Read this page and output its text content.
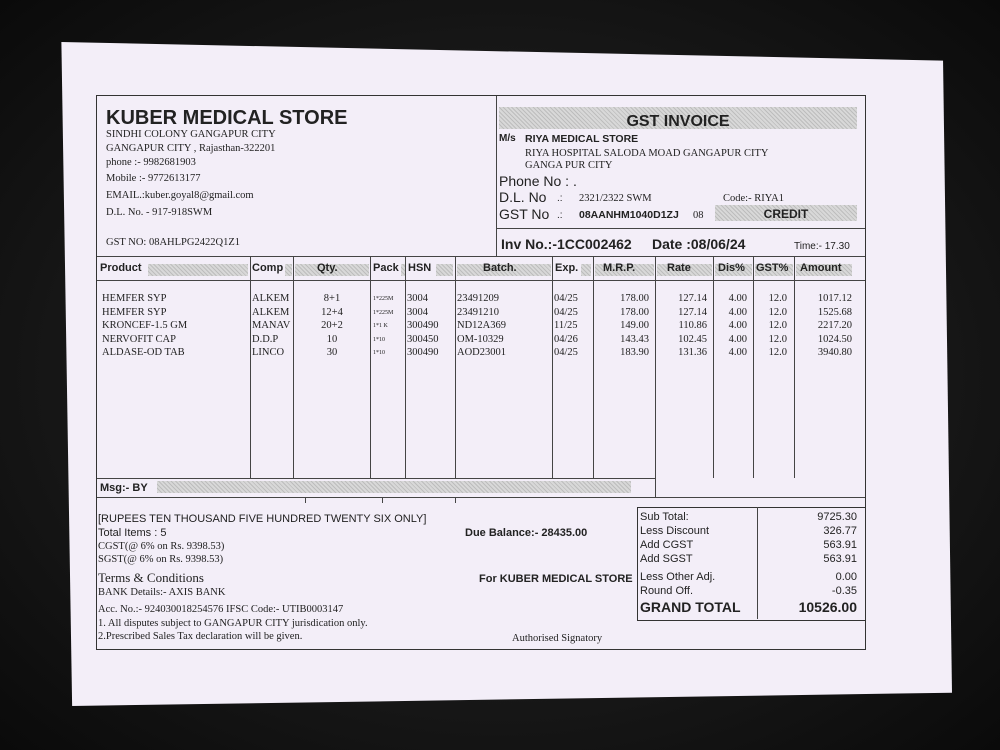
KUBER MEDICAL STORE
SINDHI COLONY GANGAPUR CITY
GANGAPUR CITY , Rajasthan-322201
phone :- 9982681903
Mobile :- 9772613177
EMAIL.:kuber.goyal8@gmail.com
D.L. No. - 917-918SWM
GST NO: 08AHLPG2422Q1Z1
GST INVOICE
M/s RIYA MEDICAL STORE
RIYA HOSPITAL SALODA MOAD GANGAPUR CITY
GANGA PUR CITY
Phone No : .
D.L. No .: 2321/2322 SWM	Code:- RIYA1
GST No .: 08AANHM1040D1ZJ 08	CREDIT
Inv No.:-1CC002462 Date :08/06/24	Time:- 17.30
Product	Comp	Qty.	Pack HSN	Batch.	Exp.	M.R.P.	Rate	Dis%	GST%	Amount
HEMFER SYP	ALKEM	8+1	1*225M	3004	23491209	04/25	178.00	127.14	4.00	12.0	1017.12
HEMFER SYP	ALKEM	12+4	1*225M	3004	23491210	04/25	178.00	127.14	4.00	12.0	1525.68
KRONCEF-1.5 GM	MANAV	20+2	1*1 K	300490	ND12A369	11/25	149.00	110.86	4.00	12.0	2217.20
NERVOFIT CAP	D.D.P	10	1*10	300450	OM-10329	04/26	143.43	102.45	4.00	12.0	1024.50
ALDASE-OD TAB	LINCO	30	1*10	300490	AOD23001	04/25	183.90	131.36	4.00	12.0	3940.80
Msg:- BY
[RUPEES TEN THOUSAND FIVE HUNDRED TWENTY SIX ONLY]
Total Items : 5
CGST(@ 6% on Rs. 9398.53)
SGST(@ 6% on Rs. 9398.53)
Terms & Conditions
BANK Details:- AXIS BANK
Acc. No.:- 924030018254576 IFSC Code:- UTIB0003147
1. All disputes subject to GANGAPUR CITY jurisdication only.
2.Prescribed Sales Tax declaration will be given.
Due Balance:- 28435.00
For KUBER MEDICAL STORE
Authorised Signatory
Sub Total:	9725.30
Less Discount	326.77
Add CGST	563.91
Add SGST	563.91
Less Other Adj.	0.00
Round Off.	-0.35
GRAND TOTAL	10526.00
